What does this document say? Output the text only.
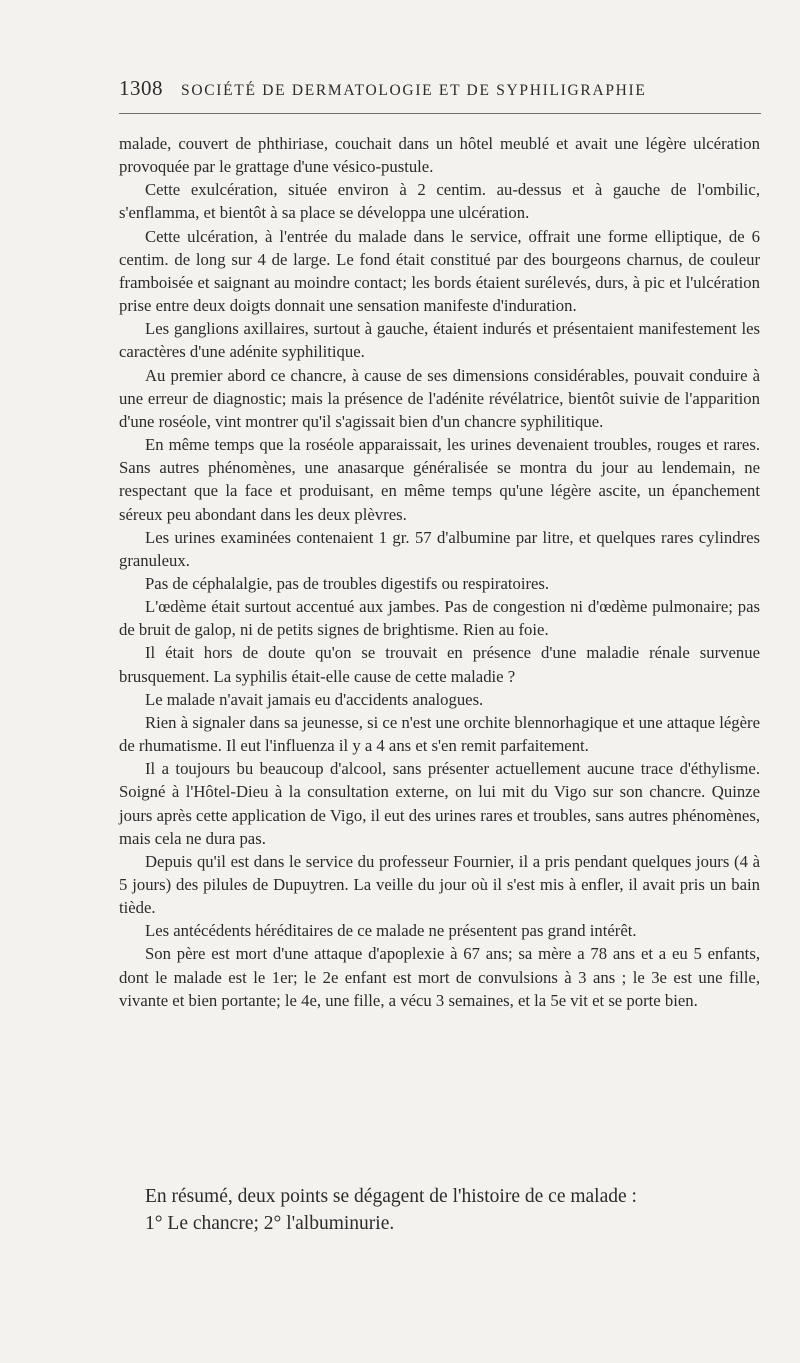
1308	SOCIÉTÉ DE DERMATOLOGIE ET DE SYPHILIGRAPHIE

malade, couvert de phthiriase, couchait dans un hôtel meublé et avait une légère ulcération provoquée par le grattage d'une vésico-pustule.

Cette exulcération, située environ à 2 centim. au-dessus et à gauche de l'ombilic, s'enflamma, et bientôt à sa place se développa une ulcération.

Cette ulcération, à l'entrée du malade dans le service, offrait une forme elliptique, de 6 centim. de long sur 4 de large. Le fond était constitué par des bourgeons charnus, de couleur framboisée et saignant au moindre contact; les bords étaient surélevés, durs, à pic et l'ulcération prise entre deux doigts donnait une sensation manifeste d'induration.

Les ganglions axillaires, surtout à gauche, étaient indurés et présentaient manifestement les caractères d'une adénite syphilitique.

Au premier abord ce chancre, à cause de ses dimensions considérables, pouvait conduire à une erreur de diagnostic; mais la présence de l'adénite révélatrice, bientôt suivie de l'apparition d'une roséole, vint montrer qu'il s'agissait bien d'un chancre syphilitique.

En même temps que la roséole apparaissait, les urines devenaient troubles, rouges et rares. Sans autres phénomènes, une anasarque généralisée se montra du jour au lendemain, ne respectant que la face et produisant, en même temps qu'une légère ascite, un épanchement séreux peu abondant dans les deux plèvres.

Les urines examinées contenaient 1 gr. 57 d'albumine par litre, et quelques rares cylindres granuleux.

Pas de céphalalgie, pas de troubles digestifs ou respiratoires.

L'œdème était surtout accentué aux jambes. Pas de congestion ni d'œdème pulmonaire; pas de bruit de galop, ni de petits signes de brightisme. Rien au foie.

Il était hors de doute qu'on se trouvait en présence d'une maladie rénale survenue brusquement. La syphilis était-elle cause de cette maladie ?

Le malade n'avait jamais eu d'accidents analogues.

Rien à signaler dans sa jeunesse, si ce n'est une orchite blennorhagique et une attaque légère de rhumatisme. Il eut l'influenza il y a 4 ans et s'en remit parfaitement.

Il a toujours bu beaucoup d'alcool, sans présenter actuellement aucune trace d'éthylisme. Soigné à l'Hôtel-Dieu à la consultation externe, on lui mit du Vigo sur son chancre. Quinze jours après cette application de Vigo, il eut des urines rares et troubles, sans autres phénomènes, mais cela ne dura pas.

Depuis qu'il est dans le service du professeur Fournier, il a pris pendant quelques jours (4 à 5 jours) des pilules de Dupuytren. La veille du jour où il s'est mis à enfler, il avait pris un bain tiède.

Les antécédents héréditaires de ce malade ne présentent pas grand intérêt.

Son père est mort d'une attaque d'apoplexie à 67 ans; sa mère a 78 ans et a eu 5 enfants, dont le malade est le 1er; le 2e enfant est mort de convulsions à 3 ans ; le 3e est une fille, vivante et bien portante; le 4e, une fille, a vécu 3 semaines, et la 5e vit et se porte bien.

En résumé, deux points se dégagent de l'histoire de ce malade :

1° Le chancre; 2° l'albuminurie.
